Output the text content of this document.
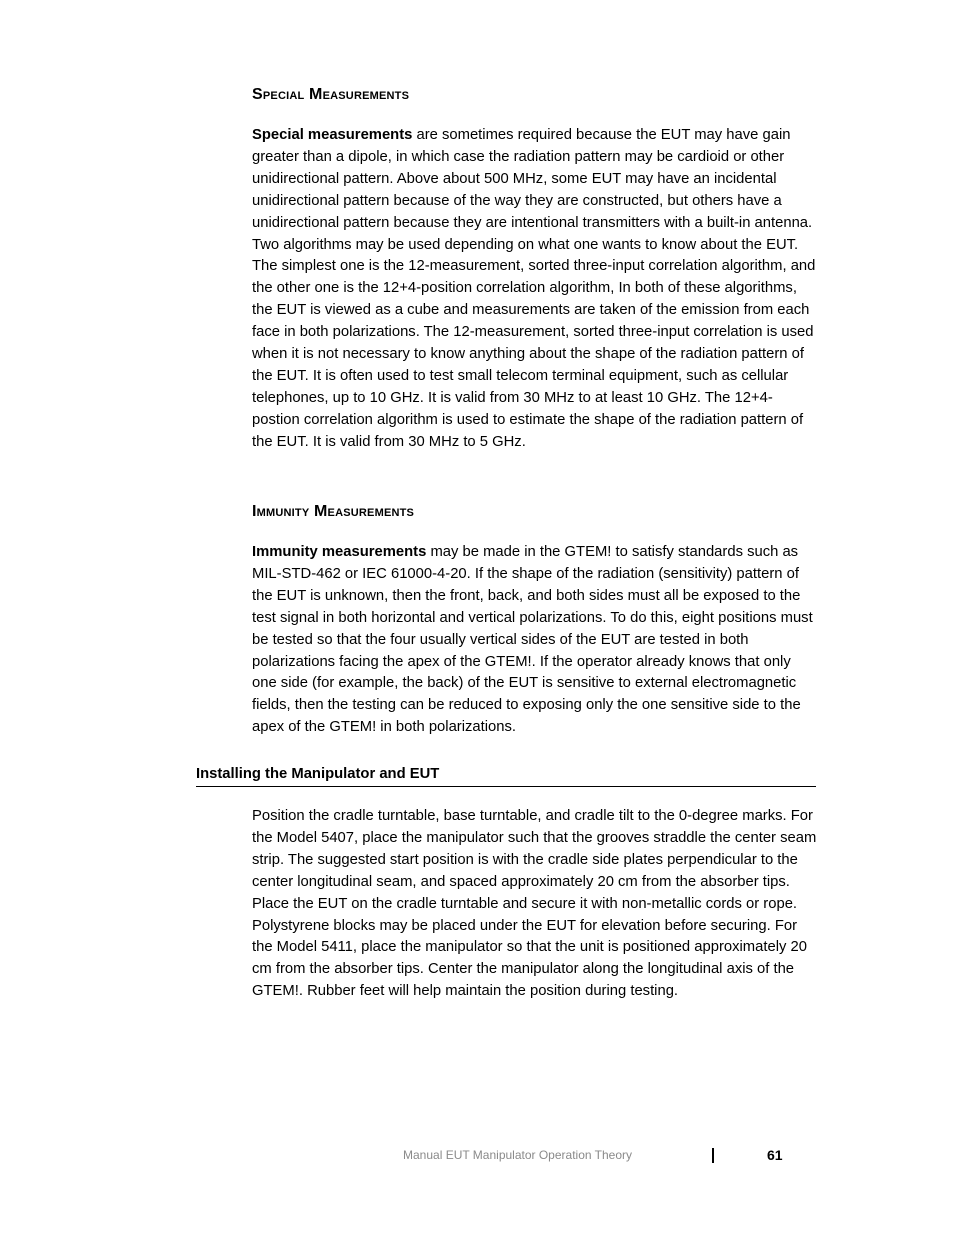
Special Measurements

Special measurements are sometimes required because the EUT may have gain greater than a dipole, in which case the radiation pattern may be cardioid or other unidirectional pattern. Above about 500 MHz, some EUT may have an incidental unidirectional pattern because of the way they are constructed, but others have a unidirectional pattern because they are intentional transmitters with a built-in antenna. Two algorithms may be used depending on what one wants to know about the EUT. The simplest one is the 12-measurement, sorted three-input correlation algorithm, and the other one is the 12+4-position correlation algorithm, In both of these algorithms, the EUT is viewed as a cube and measurements are taken of the emission from each face in both polarizations. The 12-measurement, sorted three-input correlation is used when it is not necessary to know anything about the shape of the radiation pattern of the EUT. It is often used to test small telecom terminal equipment, such as cellular telephones, up to 10 GHz. It is valid from 30 MHz to at least 10 GHz. The 12+4-postion correlation algorithm is used to estimate the shape of the radiation pattern of the EUT. It is valid from 30 MHz to 5 GHz.

Immunity Measurements

Immunity measurements may be made in the GTEM! to satisfy standards such as MIL-STD-462 or IEC 61000-4-20. If the shape of the radiation (sensitivity) pattern of the EUT is unknown, then the front, back, and both sides must all be exposed to the test signal in both horizontal and vertical polarizations. To do this, eight positions must be tested so that the four usually vertical sides of the EUT are tested in both polarizations facing the apex of the GTEM!. If the operator already knows that only one side (for example, the back) of the EUT is sensitive to external electromagnetic fields, then the testing can be reduced to exposing only the one sensitive side to the apex of the GTEM! in both polarizations.

Installing the Manipulator and EUT

Position the cradle turntable, base turntable, and cradle tilt to the 0-degree marks. For the Model 5407, place the manipulator such that the grooves straddle the center seam strip. The suggested start position is with the cradle side plates perpendicular to the center longitudinal seam, and spaced approximately 20 cm from the absorber tips. Place the EUT on the cradle turntable and secure it with non-metallic cords or rope. Polystyrene blocks may be placed under the EUT for elevation before securing. For the Model 5411, place the manipulator so that the unit is positioned approximately 20 cm from the absorber tips. Center the manipulator along the longitudinal axis of the GTEM!. Rubber feet will help maintain the position during testing.

Manual EUT Manipulator Operation Theory	61
